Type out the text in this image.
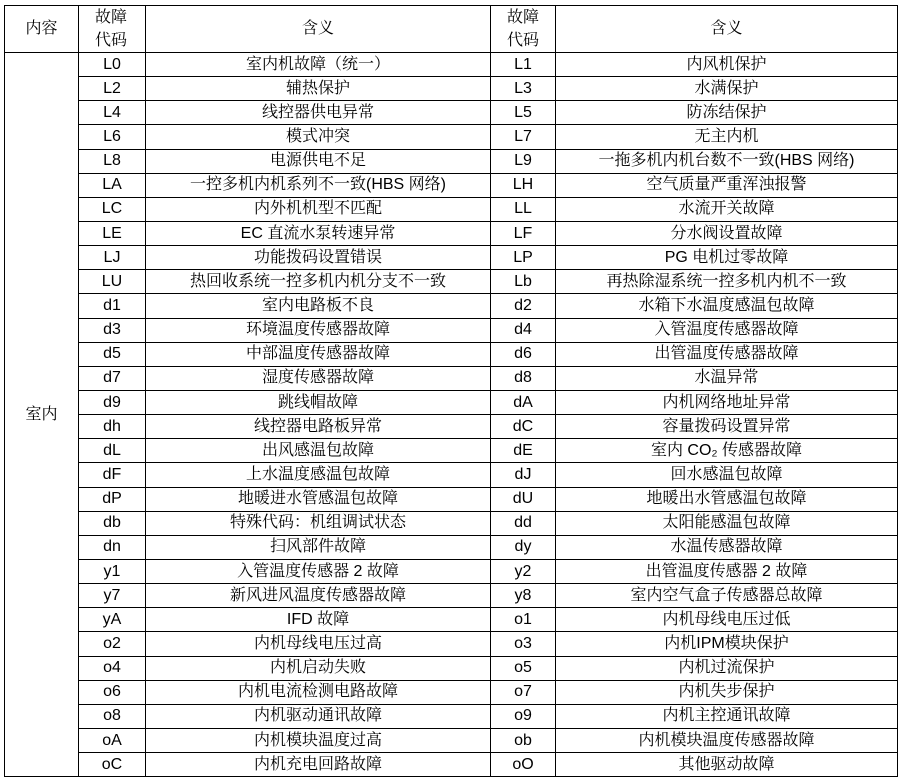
内容	故障代码	含义	故障代码	含义
室内	L0	室内机故障（统一）	L1	内风机保护
	L2	辅热保护	L3	水满保护
	L4	线控器供电异常	L5	防冻结保护
	L6	模式冲突	L7	无主内机
	L8	电源供电不足	L9	一拖多机内机台数不一致(HBS 网络)
	LA	一控多机内机系列不一致(HBS 网络)	LH	空气质量严重浑浊报警
	LC	内外机机型不匹配	LL	水流开关故障
	LE	EC 直流水泵转速异常	LF	分水阀设置故障
	LJ	功能拨码设置错误	LP	PG 电机过零故障
	LU	热回收系统一控多机内机分支不一致	Lb	再热除湿系统一控多机内机不一致
	d1	室内电路板不良	d2	水箱下水温度感温包故障
	d3	环境温度传感器故障	d4	入管温度传感器故障
	d5	中部温度传感器故障	d6	出管温度传感器故障
	d7	湿度传感器故障	d8	水温异常
	d9	跳线帽故障	dA	内机网络地址异常
	dh	线控器电路板异常	dC	容量拨码设置异常
	dL	出风感温包故障	dE	室内 CO₂ 传感器故障
	dF	上水温度感温包故障	dJ	回水感温包故障
	dP	地暖进水管感温包故障	dU	地暖出水管感温包故障
	db	特殊代码：机组调试状态	dd	太阳能感温包故障
	dn	扫风部件故障	dy	水温传感器故障
	y1	入管温度传感器 2 故障	y2	出管温度传感器 2 故障
	y7	新风进风温度传感器故障	y8	室内空气盒子传感器总故障
	yA	IFD 故障	o1	内机母线电压过低
	o2	内机母线电压过高	o3	内机IPM模块保护
	o4	内机启动失败	o5	内机过流保护
	o6	内机电流检测电路故障	o7	内机失步保护
	o8	内机驱动通讯故障	o9	内机主控通讯故障
	oA	内机模块温度过高	ob	内机模块温度传感器故障
	oC	内机充电回路故障	oO	其他驱动故障
